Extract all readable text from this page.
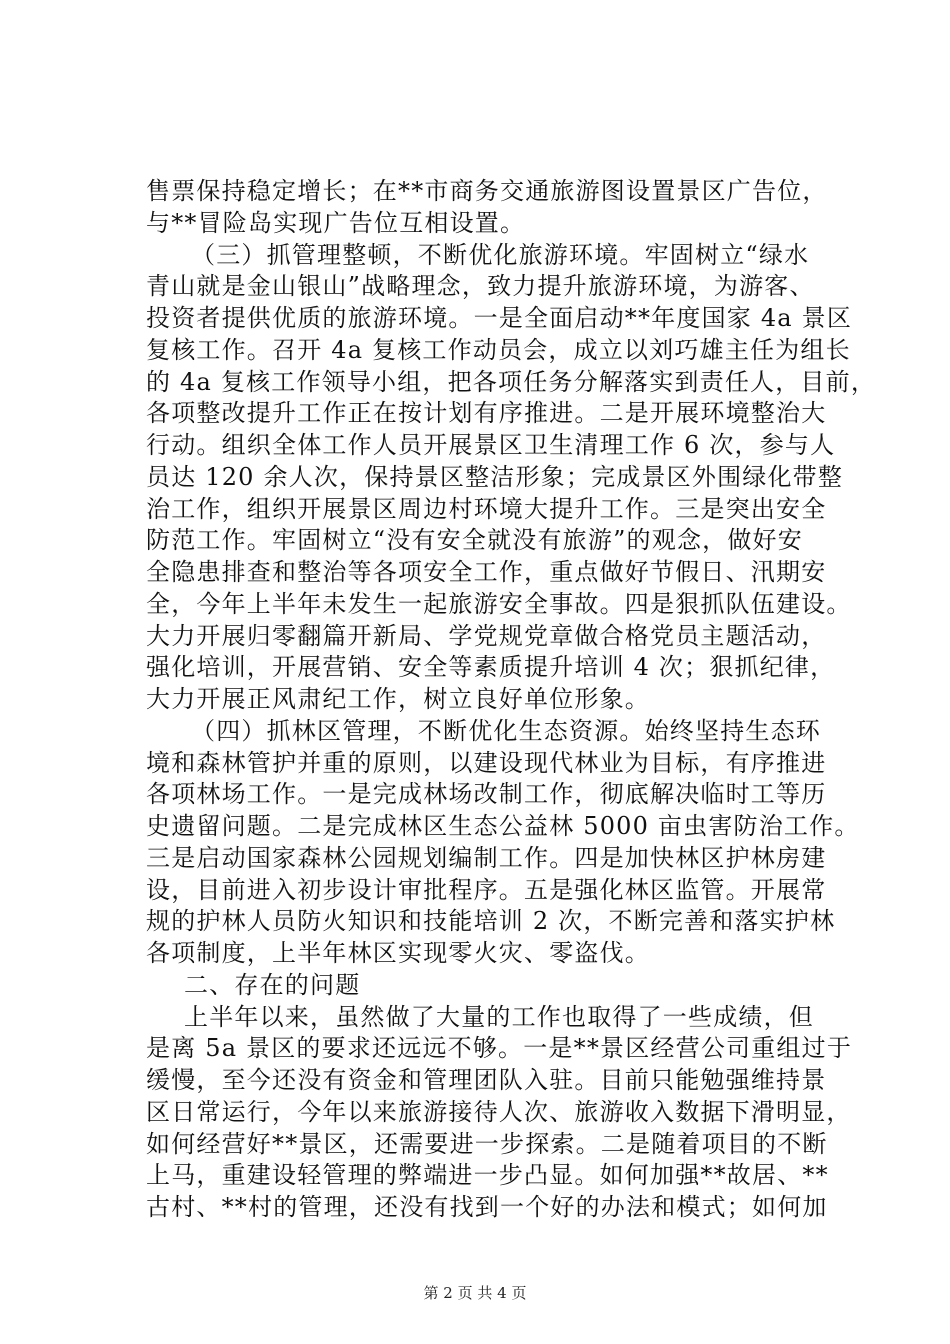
售票保持稳定增长；在**市商务交通旅游图设置景区广告位，
与**冒险岛实现广告位互相设置。
（三）抓管理整顿，不断优化旅游环境。牢固树立“绿水
青山就是金山银山”战略理念，致力提升旅游环境，为游客、
投资者提供优质的旅游环境。一是全面启动**年度国家 4a 景区
复核工作。召开 4a 复核工作动员会，成立以刘巧雄主任为组长
的 4a 复核工作领导小组，把各项任务分解落实到责任人，目前，
各项整改提升工作正在按计划有序推进。二是开展环境整治大
行动。组织全体工作人员开展景区卫生清理工作 6 次，参与人
员达 120 余人次，保持景区整洁形象；完成景区外围绿化带整
治工作，组织开展景区周边村环境大提升工作。三是突出安全
防范工作。牢固树立“没有安全就没有旅游”的观念，做好安
全隐患排查和整治等各项安全工作，重点做好节假日、汛期安
全，今年上半年未发生一起旅游安全事故。四是狠抓队伍建设。
大力开展归零翻篇开新局、学党规党章做合格党员主题活动，
强化培训，开展营销、安全等素质提升培训 4 次；狠抓纪律，
大力开展正风肃纪工作，树立良好单位形象。
（四）抓林区管理，不断优化生态资源。始终坚持生态环
境和森林管护并重的原则，以建设现代林业为目标，有序推进
各项林场工作。一是完成林场改制工作，彻底解决临时工等历
史遗留问题。二是完成林区生态公益林 5000 亩虫害防治工作。
三是启动国家森林公园规划编制工作。四是加快林区护林房建
设，目前进入初步设计审批程序。五是强化林区监管。开展常
规的护林人员防火知识和技能培训 2 次，不断完善和落实护林
各项制度，上半年林区实现零火灾、零盗伐。
二、存在的问题
上半年以来，虽然做了大量的工作也取得了一些成绩，但
是离 5a 景区的要求还远远不够。一是**景区经营公司重组过于
缓慢，至今还没有资金和管理团队入驻。目前只能勉强维持景
区日常运行，今年以来旅游接待人次、旅游收入数据下滑明显，
如何经营好**景区，还需要进一步探索。二是随着项目的不断
上马，重建设轻管理的弊端进一步凸显。如何加强**故居、**
古村、**村的管理，还没有找到一个好的办法和模式；如何加
第 2 页 共 4 页
